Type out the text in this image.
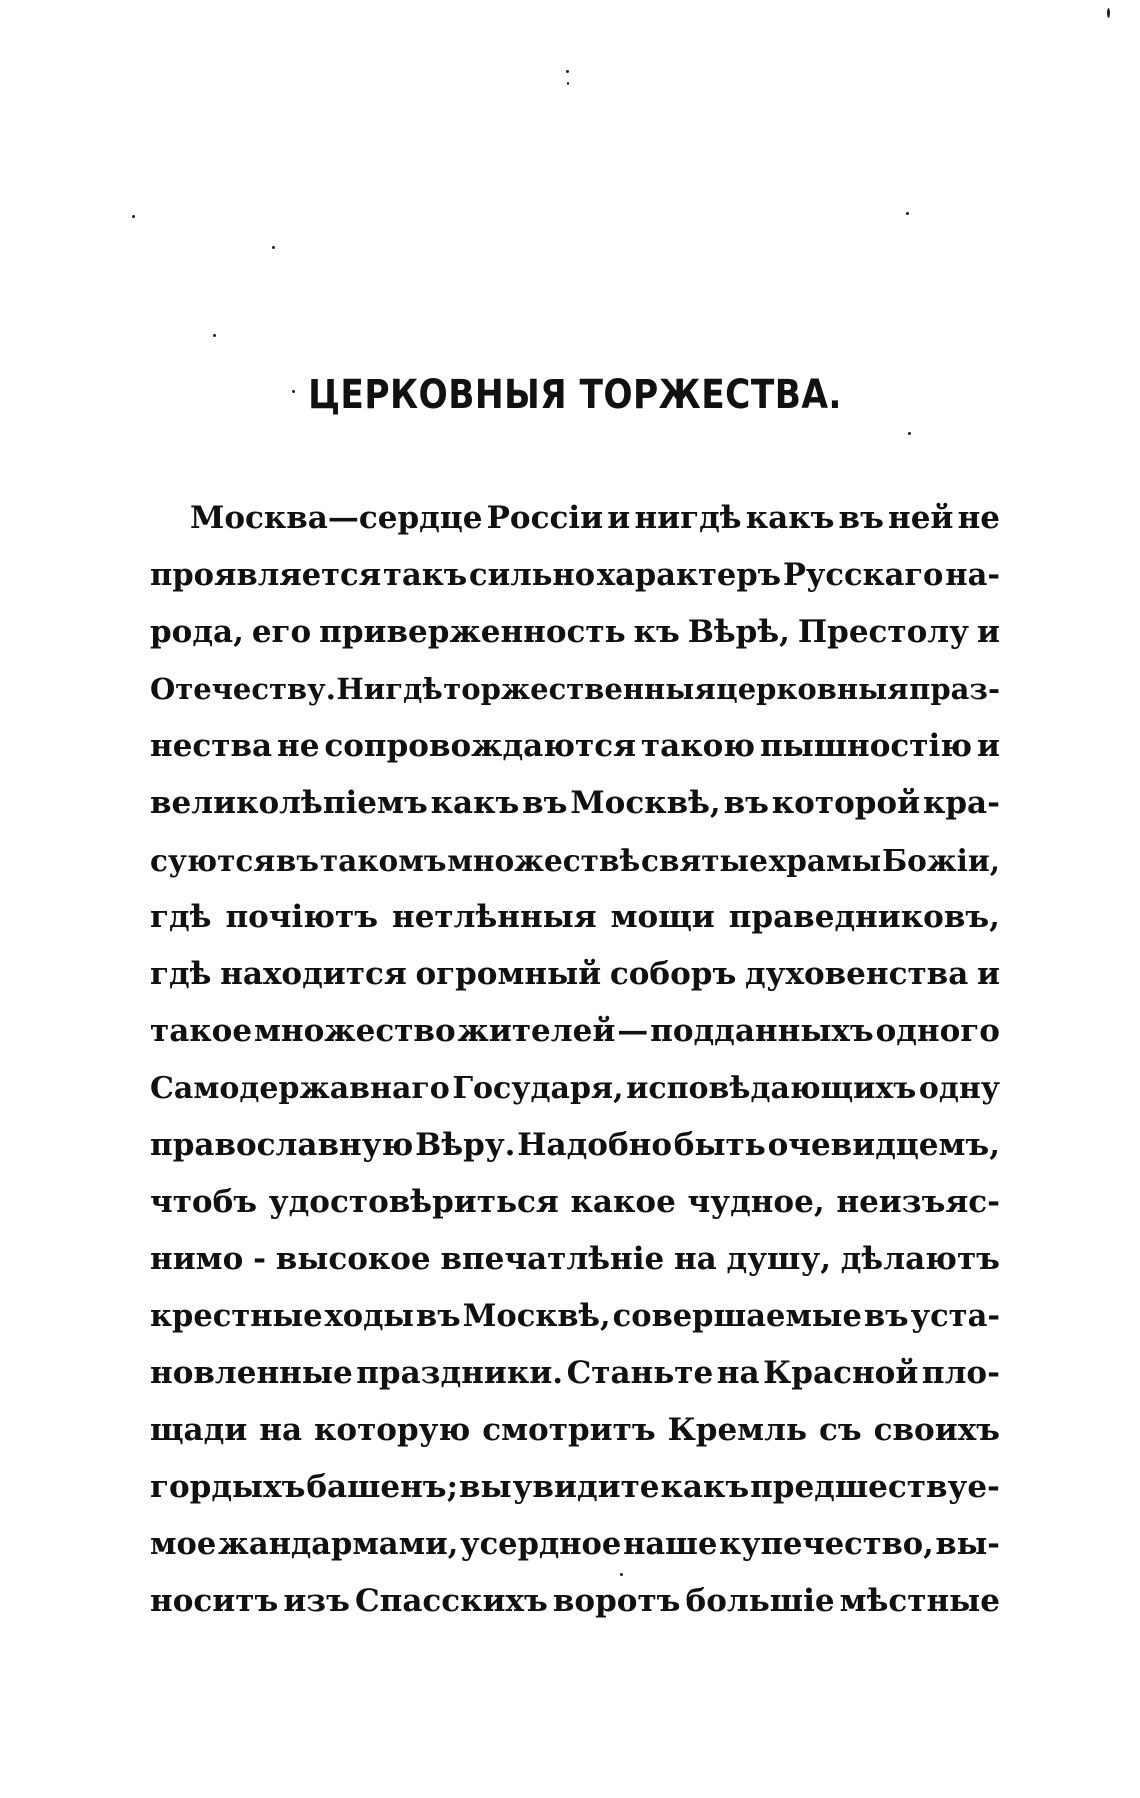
ЦЕРКОВНЫЯ ТОРЖЕСТВА.
Москва—сердце Россіи и нигдѣ какъ въ ней не
проявляется такъ сильно характеръ Русскаго на-
рода, его приверженность къ Вѣрѣ, Престолу и
Отечеству. Нигдѣ торжественныя церковныя праз-
нества не сопровождаются такою пышностію и
великолѣпіемъ какъ въ Москвѣ, въ которой кра-
суются въ такомъ множествѣ святые храмы Божіи,
гдѣ почіютъ нетлѣнныя мощи праведниковъ,
гдѣ находится огромный соборъ духовенства и
такое множество жителей — подданныхъ одного
Самодержавнаго Государя, исповѣдающихъ одну
православную Вѣру. Надобно быть очевидцемъ,
чтобъ удостовѣриться какое чудное, неизъяс-
нимо - высокое впечатлѣніе на душу, дѣлаютъ
крестные ходы въ Москвѣ, совершаемые въ уста-
новленные праздники. Станьте на Красной пло-
щади на которую смотритъ Кремль съ своихъ
гордыхъ башенъ; вы увидите какъ предшествуе-
мое жандармами, усердное наше купечество, вы-
носитъ изъ Спасскихъ воротъ большіе мѣстные
